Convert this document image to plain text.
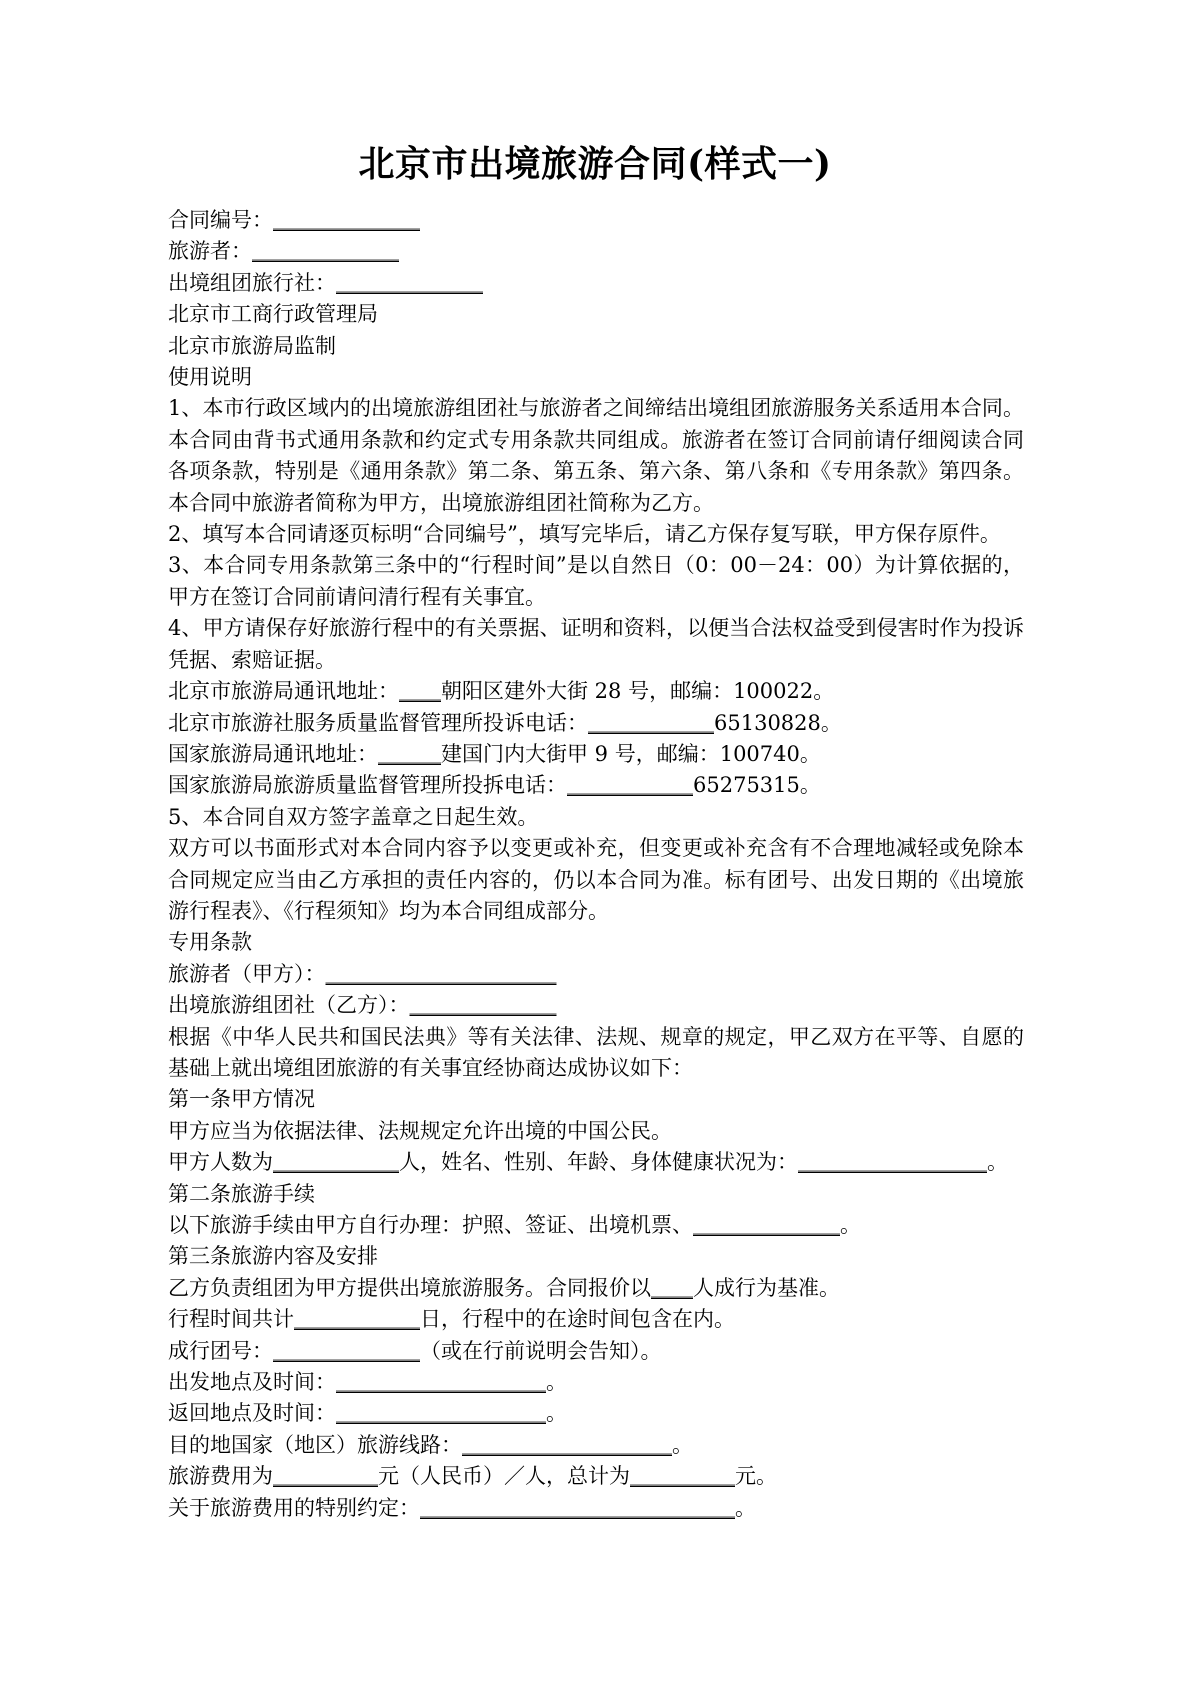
北京市出境旅游合同(样式一)

合同编号：＿＿＿＿＿＿＿

旅游者：＿＿＿＿＿＿＿

出境组团旅行社：＿＿＿＿＿＿＿

北京市工商行政管理局

北京市旅游局监制

使用说明

1、本市行政区域内的出境旅游组团社与旅游者之间缔结出境组团旅游服务关系适用本合同。本合同由背书式通用条款和约定式专用条款共同组成。旅游者在签订合同前请仔细阅读合同各项条款，特别是《通用条款》第二条、第五条、第六条、第八条和《专用条款》第四条。本合同中旅游者简称为甲方，出境旅游组团社简称为乙方。

2、填写本合同请逐页标明“合同编号”，填写完毕后，请乙方保存复写联，甲方保存原件。

3、本合同专用条款第三条中的“行程时间”是以自然日（0：00－24：00）为计算依据的，甲方在签订合同前请问清行程有关事宜。

4、甲方请保存好旅游行程中的有关票据、证明和资料，以便当合法权益受到侵害时作为投诉凭据、索赔证据。

北京市旅游局通讯地址：＿＿朝阳区建外大街 28 号，邮编：100022。

北京市旅游社服务质量监督管理所投诉电话：＿＿＿＿＿＿65130828。

国家旅游局通讯地址：＿＿＿建国门内大街甲 9 号，邮编：100740。

国家旅游局旅游质量监督管理所投拆电话：＿＿＿＿＿＿65275315。

5、本合同自双方签字盖章之日起生效。

双方可以书面形式对本合同内容予以变更或补充，但变更或补充含有不合理地减轻或免除本合同规定应当由乙方承担的责任内容的，仍以本合同为准。标有团号、出发日期的《出境旅游行程表》、《行程须知》均为本合同组成部分。

专用条款

旅游者（甲方）：＿＿＿＿＿＿＿＿＿＿＿

出境旅游组团社（乙方）：＿＿＿＿＿＿＿

根据《中华人民共和国民法典》等有关法律、法规、规章的规定，甲乙双方在平等、自愿的基础上就出境组团旅游的有关事宜经协商达成协议如下：

第一条甲方情况

甲方应当为依据法律、法规规定允许出境的中国公民。

甲方人数为＿＿＿＿＿＿人，姓名、性别、年龄、身体健康状况为：＿＿＿＿＿＿＿＿＿。

第二条旅游手续

以下旅游手续由甲方自行办理：护照、签证、出境机票、＿＿＿＿＿＿＿。

第三条旅游内容及安排

乙方负责组团为甲方提供出境旅游服务。合同报价以＿＿人成行为基准。

行程时间共计＿＿＿＿＿＿日，行程中的在途时间包含在内。

成行团号：＿＿＿＿＿＿＿（或在行前说明会告知）。

出发地点及时间：＿＿＿＿＿＿＿＿＿＿。

返回地点及时间：＿＿＿＿＿＿＿＿＿＿。

目的地国家（地区）旅游线路：＿＿＿＿＿＿＿＿＿＿。

旅游费用为＿＿＿＿＿元（人民币）／人，总计为＿＿＿＿＿元。

关于旅游费用的特别约定：＿＿＿＿＿＿＿＿＿＿＿＿＿＿＿。
